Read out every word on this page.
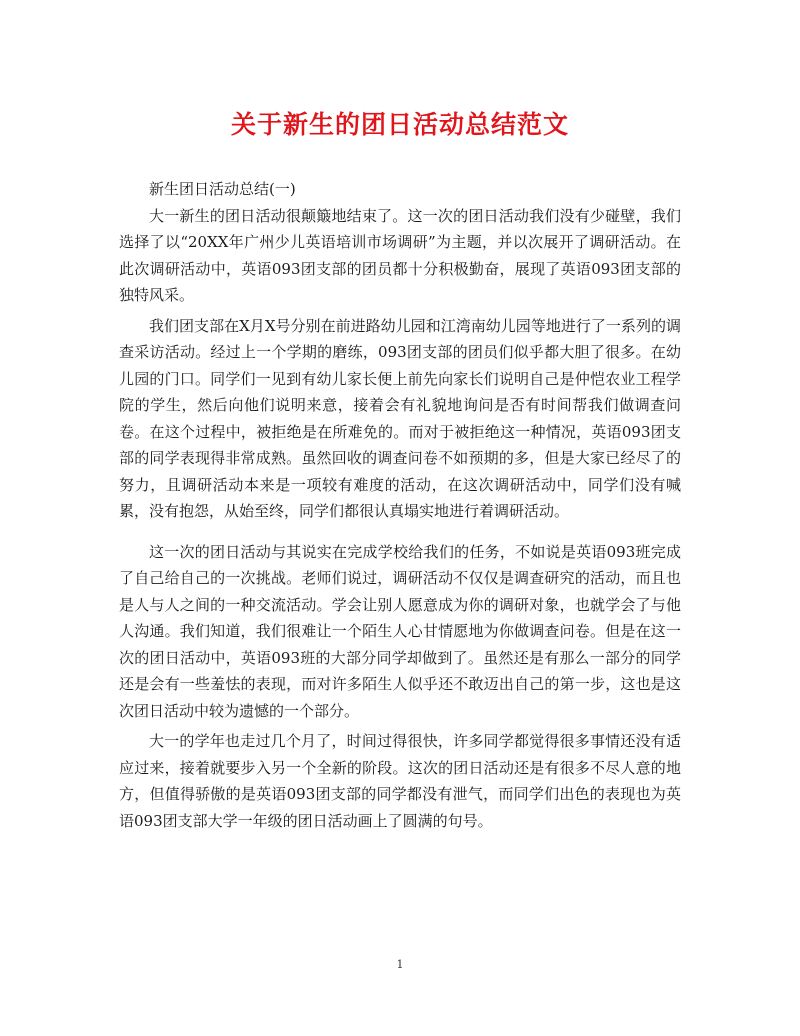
关于新生的团日活动总结范文

新生团日活动总结(一)

大一新生的团日活动很颠簸地结束了。这一次的团日活动我们没有少碰壁，我们选择了以“20XX年广州少儿英语培训市场调研”为主题，并以次展开了调研活动。在此次调研活动中，英语093团支部的团员都十分积极勤奋，展现了英语093团支部的独特风采。

我们团支部在X月X号分别在前进路幼儿园和江湾南幼儿园等地进行了一系列的调查采访活动。经过上一个学期的磨练，093团支部的团员们似乎都大胆了很多。在幼儿园的门口。同学们一见到有幼儿家长便上前先向家长们说明自己是仲恺农业工程学院的学生，然后向他们说明来意，接着会有礼貌地询问是否有时间帮我们做调查问卷。在这个过程中，被拒绝是在所难免的。而对于被拒绝这一种情况，英语093团支部的同学表现得非常成熟。虽然回收的调查问卷不如预期的多，但是大家已经尽了的努力，且调研活动本来是一项较有难度的活动，在这次调研活动中，同学们没有喊累，没有抱怨，从始至终，同学们都很认真塌实地进行着调研活动。

这一次的团日活动与其说实在完成学校给我们的任务，不如说是英语093班完成了自己给自己的一次挑战。老师们说过，调研活动不仅仅是调查研究的活动，而且也是人与人之间的一种交流活动。学会让别人愿意成为你的调研对象，也就学会了与他人沟通。我们知道，我们很难让一个陌生人心甘情愿地为你做调查问卷。但是在这一次的团日活动中，英语093班的大部分同学却做到了。虽然还是有那么一部分的同学还是会有一些羞怯的表现，而对许多陌生人似乎还不敢迈出自己的第一步，这也是这次团日活动中较为遗憾的一个部分。

大一的学年也走过几个月了，时间过得很快，许多同学都觉得很多事情还没有适应过来，接着就要步入另一个全新的阶段。这次的团日活动还是有很多不尽人意的地方，但值得骄傲的是英语093团支部的同学都没有泄气，而同学们出色的表现也为英语093团支部大学一年级的团日活动画上了圆满的句号。

1
